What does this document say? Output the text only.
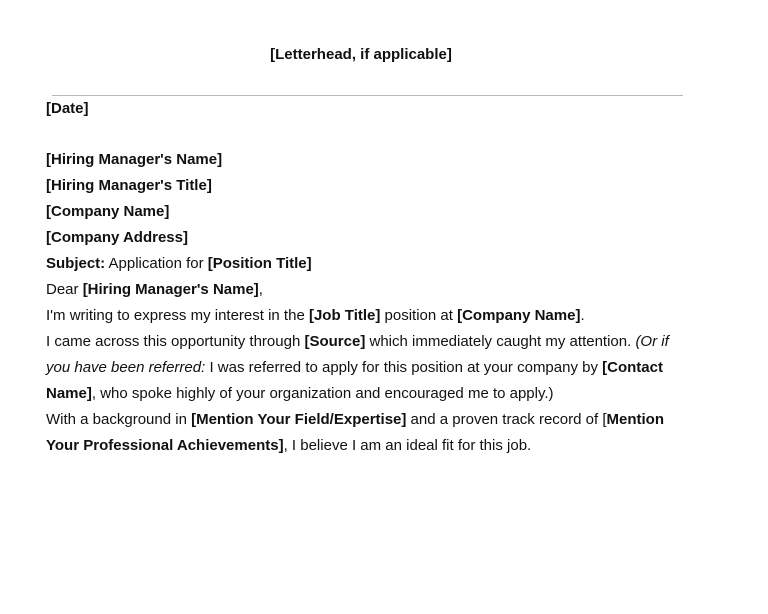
[Letterhead, if applicable]

[Date]

[Hiring Manager's Name]

[Hiring Manager's Title]

[Company Name]

[Company Address]

Subject: Application for [Position Title]

Dear [Hiring Manager's Name],

I'm writing to express my interest in the [Job Title] position at [Company Name].

I came across this opportunity through [Source] which immediately caught my attention. (Or if you have been referred: I was referred to apply for this position at your company by [Contact Name], who spoke highly of your organization and encouraged me to apply.)

With a background in [Mention Your Field/Expertise] and a proven track record of [Mention Your Professional Achievements], I believe I am an ideal fit for this job.
